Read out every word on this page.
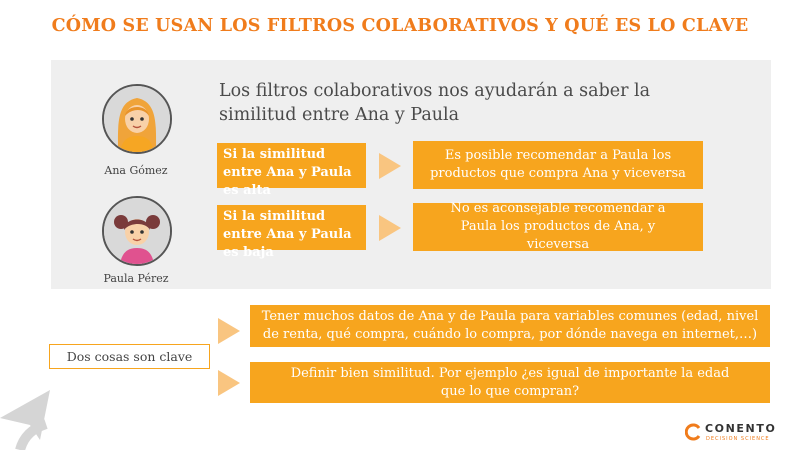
CÓMO SE USAN LOS FILTROS COLABORATIVOS Y QUÉ ES LO CLAVE
Ana Gómez
Paula Pérez
Los filtros colaborativos nos ayudarán a saber la similitud entre Ana y Paula
Si la similitud entre Ana y Paula es alta
Es posible recomendar a Paula los productos que compra Ana y viceversa
Si la similitud entre Ana y Paula es baja
No es aconsejable recomendar a Paula los productos de Ana, y viceversa
Dos cosas son clave
Tener muchos datos de Ana y de Paula para variables comunes (edad, nivel de renta, qué compra, cuándo lo compra, por dónde navega en internet,…)
Definir bien similitud. Por ejemplo ¿es igual de importante la edad que lo que compran?
CONENTO
DECISION SCIENCE
